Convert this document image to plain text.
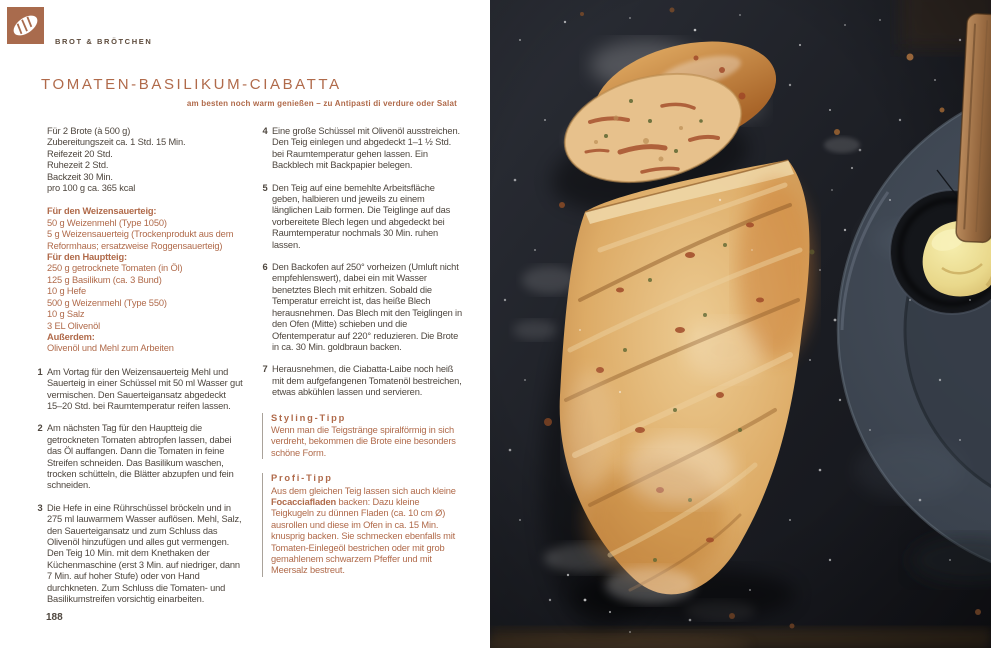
BROT & BRÖTCHEN
TOMATEN-BASILIKUM-CIABATTA
am besten noch warm genießen – zu Antipasti di verdure oder Salat
Für 2 Brote (à 500 g)
Zubereitungszeit ca. 1 Std. 15 Min.
Reifezeit 20 Std.
Ruhezeit 2 Std.
Backzeit 30 Min.
pro 100 g ca. 365 kcal
Für den Weizensauerteig:
50 g Weizenmehl (Type 1050)
5 g Weizensauerteig (Trockenprodukt aus dem Reformhaus; ersatzweise Roggensauerteig)
Für den Hauptteig:
250 g getrocknete Tomaten (in Öl)
125 g Basilikum (ca. 3 Bund)
10 g Hefe
500 g Weizenmehl (Type 550)
10 g Salz
3 EL Olivenöl
Außerdem:
Olivenöl und Mehl zum Arbeiten
1 Am Vortag für den Weizensauerteig Mehl und Sauerteig in einer Schüssel mit 50 ml Wasser gut vermischen. Den Sauerteigansatz abgedeckt 15–20 Std. bei Raumtemperatur reifen lassen.
2 Am nächsten Tag für den Hauptteig die getrockneten Tomaten abtropfen lassen, dabei das Öl auffangen. Dann die Tomaten in feine Streifen schneiden. Das Basilikum waschen, trocken schütteln, die Blätter abzupfen und fein schneiden.
3 Die Hefe in eine Rührschüssel bröckeln und in 275 ml lauwarmem Wasser auflösen. Mehl, Salz, den Sauerteigansatz und zum Schluss das Olivenöl hinzufügen und alles gut vermengen. Den Teig 10 Min. mit dem Knethaken der Küchenmaschine (erst 3 Min. auf niedriger, dann 7 Min. auf hoher Stufe) oder von Hand durchkneten. Zum Schluss die Tomaten- und Basilikumstreifen vorsichtig einarbeiten.
4 Eine große Schüssel mit Olivenöl ausstreichen. Den Teig einlegen und abgedeckt 1–1 ½ Std. bei Raumtemperatur gehen lassen. Ein Backblech mit Backpapier belegen.
5 Den Teig auf eine bemehlte Arbeitsfläche geben, halbieren und jeweils zu einem länglichen Laib formen. Die Teiglinge auf das vorbereitete Blech legen und abgedeckt bei Raumtemperatur nochmals 30 Min. ruhen lassen.
6 Den Backofen auf 250° vorheizen (Umluft nicht empfehlenswert), dabei ein mit Wasser benetztes Blech mit erhitzen. Sobald die Temperatur erreicht ist, das heiße Blech herausnehmen. Das Blech mit den Teiglingen in den Ofen (Mitte) schieben und die Ofentemperatur auf 220° reduzieren. Die Brote in ca. 30 Min. goldbraun backen.
7 Herausnehmen, die Ciabatta-Laibe noch heiß mit dem aufgefangenen Tomatenöl bestreichen, etwas abkühlen lassen und servieren.
Styling-Tipp
Wenn man die Teigstränge spiralförmig in sich verdreht, bekommen die Brote eine besonders schöne Form.
Profi-Tipp
Aus dem gleichen Teig lassen sich auch kleine Focacciafladen backen: Dazu kleine Teigkugeln zu dünnen Fladen (ca. 10 cm Ø) ausrollen und diese im Ofen in ca. 15 Min. knusprig backen. Sie schmecken ebenfalls mit Tomaten-Einlegeöl bestrichen oder mit grob gemahlenem schwarzem Pfeffer und mit Meersalz bestreut.
188
